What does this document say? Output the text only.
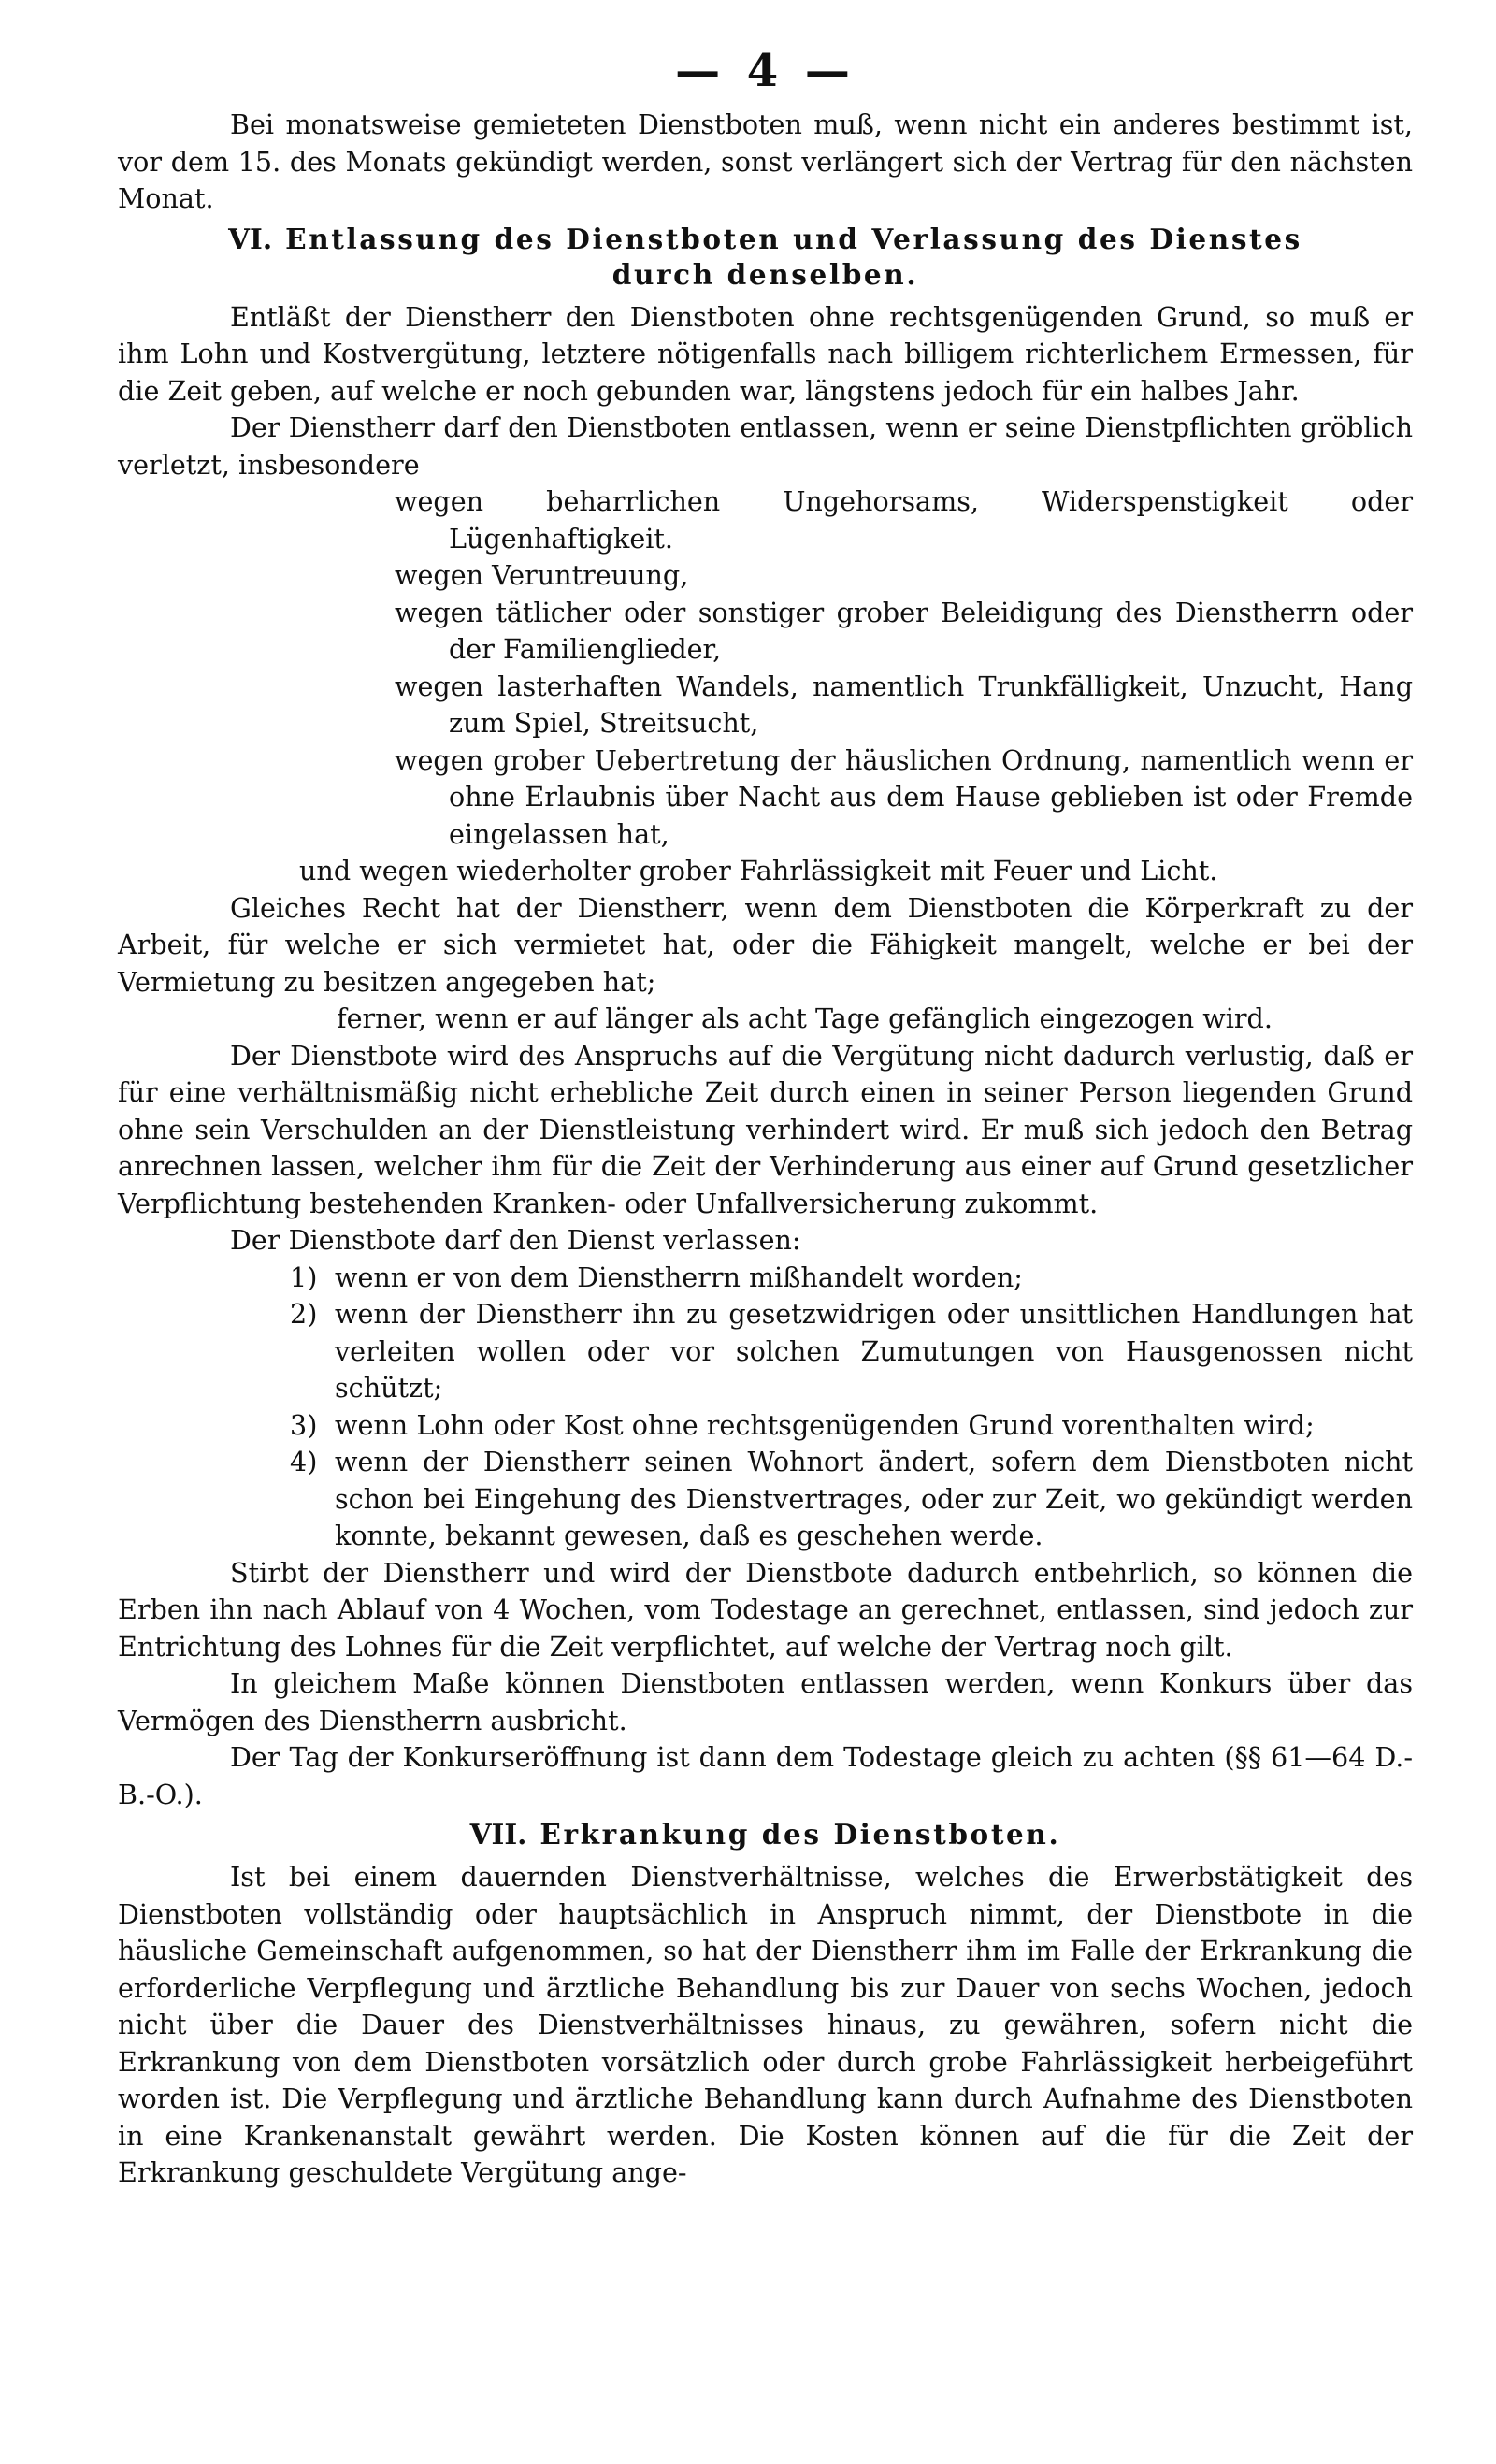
— 4 —

Bei monatsweise gemieteten Dienstboten muß, wenn nicht ein anderes bestimmt ist, vor dem 15. des Monats gekündigt werden, sonst verlängert sich der Vertrag für den nächsten Monat.

VI. Entlassung des Dienstboten und Verlassung des Dienstes
durch denselben.

Entläßt der Dienstherr den Dienstboten ohne rechtsgenügenden Grund, so muß er ihm Lohn und Kostvergütung, letztere nötigenfalls nach billigem richterlichem Ermessen, für die Zeit geben, auf welche er noch gebunden war, längstens jedoch für ein halbes Jahr.

Der Dienstherr darf den Dienstboten entlassen, wenn er seine Dienstpflichten gröblich verletzt, insbesondere

wegen beharrlichen Ungehorsams, Widerspenstigkeit oder Lügenhaftigkeit.
wegen Veruntreuung,
wegen tätlicher oder sonstiger grober Beleidigung des Dienstherrn oder der Familienglieder,
wegen lasterhaften Wandels, namentlich Trunkfälligkeit, Unzucht, Hang zum Spiel, Streitsucht,
wegen grober Uebertretung der häuslichen Ordnung, namentlich wenn er ohne Erlaubnis über Nacht aus dem Hause geblieben ist oder Fremde eingelassen hat,
und wegen wiederholter grober Fahrlässigkeit mit Feuer und Licht.

Gleiches Recht hat der Dienstherr, wenn dem Dienstboten die Körperkraft zu der Arbeit, für welche er sich vermietet hat, oder die Fähigkeit mangelt, welche er bei der Vermietung zu besitzen angegeben hat;

ferner, wenn er auf länger als acht Tage gefänglich eingezogen wird.

Der Dienstbote wird des Anspruchs auf die Vergütung nicht dadurch verlustig, daß er für eine verhältnismäßig nicht erhebliche Zeit durch einen in seiner Person liegenden Grund ohne sein Verschulden an der Dienstleistung verhindert wird. Er muß sich jedoch den Betrag anrechnen lassen, welcher ihm für die Zeit der Verhinderung aus einer auf Grund gesetzlicher Verpflichtung bestehenden Kranken- oder Unfallversicherung zukommt.

Der Dienstbote darf den Dienst verlassen:

1) wenn er von dem Dienstherrn mißhandelt worden;
2) wenn der Dienstherr ihn zu gesetzwidrigen oder unsittlichen Handlungen hat verleiten wollen oder vor solchen Zumutungen von Hausgenossen nicht schützt;
3) wenn Lohn oder Kost ohne rechtsgenügenden Grund vorenthalten wird;
4) wenn der Dienstherr seinen Wohnort ändert, sofern dem Dienstboten nicht schon bei Eingehung des Dienstvertrages, oder zur Zeit, wo gekündigt werden konnte, bekannt gewesen, daß es geschehen werde.

Stirbt der Dienstherr und wird der Dienstbote dadurch entbehrlich, so können die Erben ihn nach Ablauf von 4 Wochen, vom Todestage an gerechnet, entlassen, sind jedoch zur Entrichtung des Lohnes für die Zeit verpflichtet, auf welche der Vertrag noch gilt.

In gleichem Maße können Dienstboten entlassen werden, wenn Konkurs über das Vermögen des Dienstherrn ausbricht.

Der Tag der Konkurseröffnung ist dann dem Todestage gleich zu achten (§§ 61—64 D.-B.-O.).

VII. Erkrankung des Dienstboten.

Ist bei einem dauernden Dienstverhältnisse, welches die Erwerbstätigkeit des Dienstboten vollständig oder hauptsächlich in Anspruch nimmt, der Dienstbote in die häusliche Gemeinschaft aufgenommen, so hat der Dienstherr ihm im Falle der Erkrankung die erforderliche Verpflegung und ärztliche Behandlung bis zur Dauer von sechs Wochen, jedoch nicht über die Dauer des Dienstverhältnisses hinaus, zu gewähren, sofern nicht die Erkrankung von dem Dienstboten vorsätzlich oder durch grobe Fahrlässigkeit herbeigeführt worden ist. Die Verpflegung und ärztliche Behandlung kann durch Aufnahme des Dienstboten in eine Krankenanstalt gewährt werden. Die Kosten können auf die für die Zeit der Erkrankung geschuldete Vergütung ange-
